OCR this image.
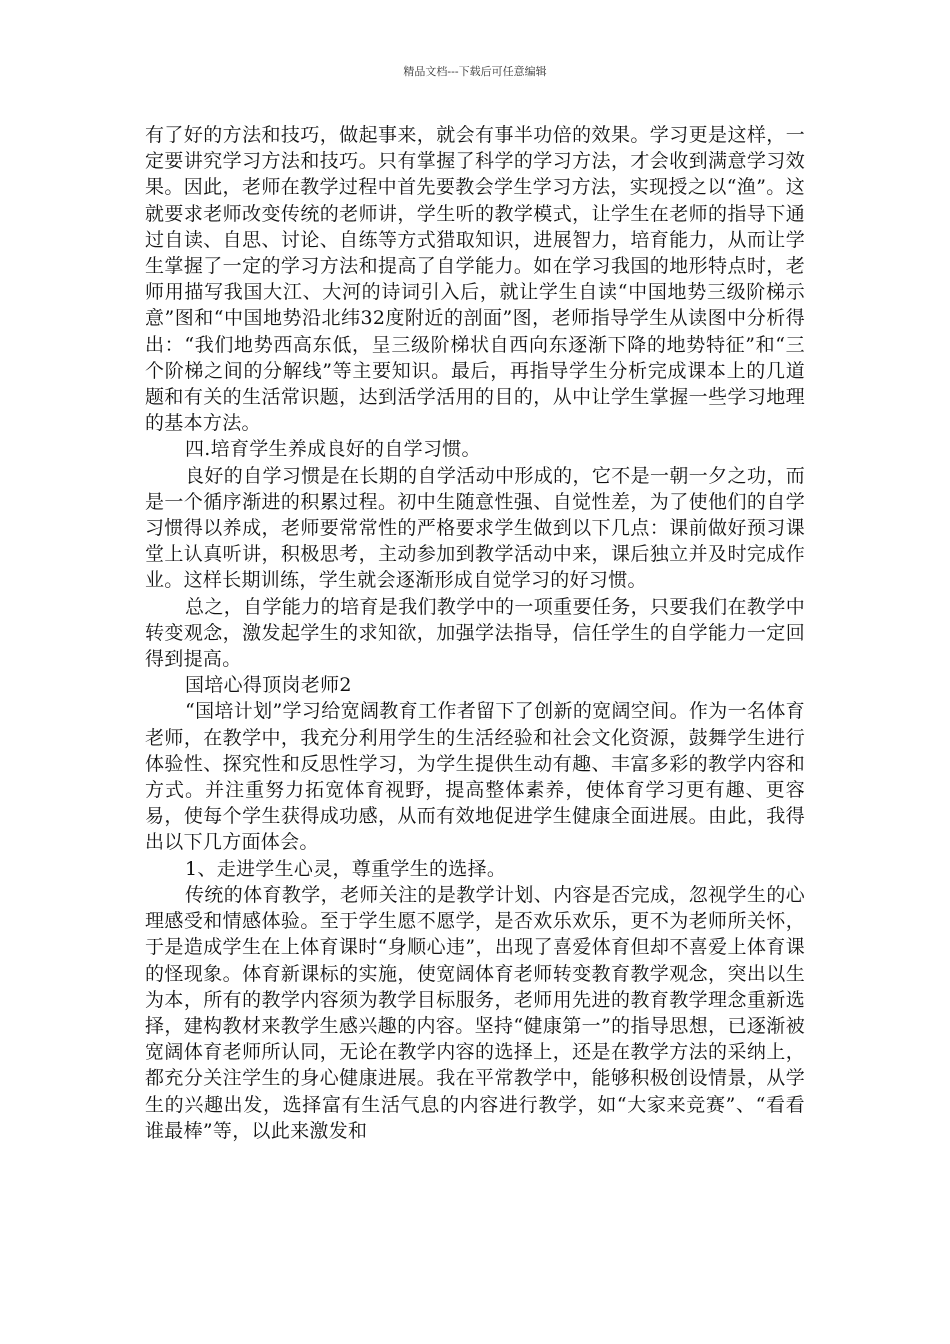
精品文档---下载后可任意编辑

有了好的方法和技巧，做起事来，就会有事半功倍的效果。学习更是这样，一定要讲究学习方法和技巧。只有掌握了科学的学习方法，才会收到满意学习效果。因此，老师在教学过程中首先要教会学生学习方法，实现授之以“渔”。这就要求老师改变传统的老师讲，学生听的教学模式，让学生在老师的指导下通过自读、自思、讨论、自练等方式猎取知识，进展智力，培育能力，从而让学生掌握了一定的学习方法和提高了自学能力。如在学习我国的地形特点时，老师用描写我国大江、大河的诗词引入后，就让学生自读“中国地势三级阶梯示意”图和“中国地势沿北纬32度附近的剖面”图，老师指导学生从读图中分析得出：“我们地势西高东低，呈三级阶梯状自西向东逐渐下降的地势特征”和“三个阶梯之间的分解线”等主要知识。最后，再指导学生分析完成课本上的几道题和有关的生活常识题，达到活学活用的目的，从中让学生掌握一些学习地理的基本方法。

四.培育学生养成良好的自学习惯。

良好的自学习惯是在长期的自学活动中形成的，它不是一朝一夕之功，而是一个循序渐进的积累过程。初中生随意性强、自觉性差，为了使他们的自学习惯得以养成，老师要常常性的严格要求学生做到以下几点：课前做好预习课堂上认真听讲，积极思考，主动参加到教学活动中来，课后独立并及时完成作业。这样长期训练，学生就会逐渐形成自觉学习的好习惯。

总之，自学能力的培育是我们教学中的一项重要任务，只要我们在教学中转变观念，激发起学生的求知欲，加强学法指导，信任学生的自学能力一定回得到提高。

国培心得顶岗老师2

“国培计划”学习给宽阔教育工作者留下了创新的宽阔空间。作为一名体育老师，在教学中，我充分利用学生的生活经验和社会文化资源，鼓舞学生进行体验性、探究性和反思性学习，为学生提供生动有趣、丰富多彩的教学内容和方式。并注重努力拓宽体育视野，提高整体素养，使体育学习更有趣、更容易，使每个学生获得成功感，从而有效地促进学生健康全面进展。由此，我得出以下几方面体会。

1、走进学生心灵，尊重学生的选择。

传统的体育教学，老师关注的是教学计划、内容是否完成，忽视学生的心理感受和情感体验。至于学生愿不愿学，是否欢乐欢乐，更不为老师所关怀，于是造成学生在上体育课时“身顺心违”，出现了喜爱体育但却不喜爱上体育课的怪现象。体育新课标的实施，使宽阔体育老师转变教育教学观念，突出以生为本，所有的教学内容须为教学目标服务，老师用先进的教育教学理念重新选择，建构教材来教学生感兴趣的内容。坚持“健康第一”的指导思想，已逐渐被宽阔体育老师所认同，无论在教学内容的选择上，还是在教学方法的采纳上，都充分关注学生的身心健康进展。我在平常教学中，能够积极创设情景，从学生的兴趣出发，选择富有生活气息的内容进行教学，如“大家来竞赛”、“看看谁最棒”等，以此来激发和
